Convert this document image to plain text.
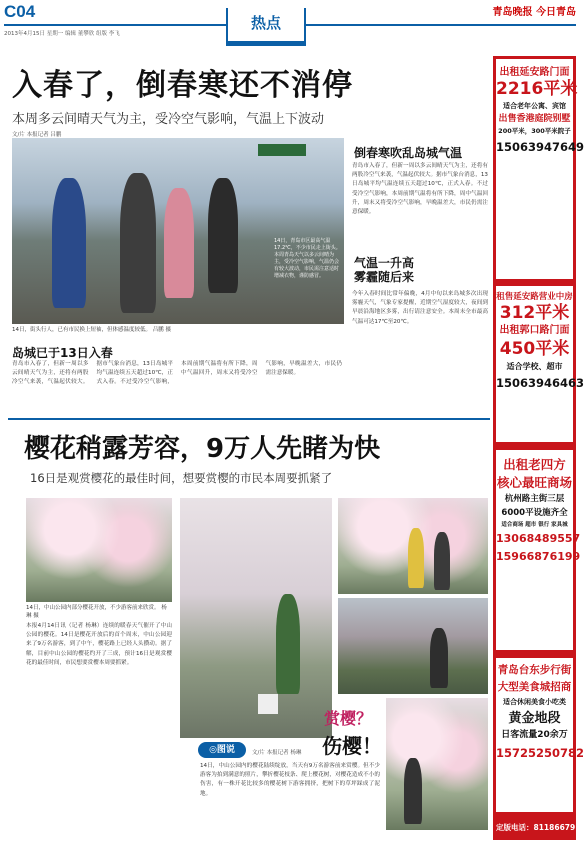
C04
2013年4月15日 星期一 编辑 董攀欣 组版 李飞
热点
青岛晚报 今日青岛
入春了，倒春寒还不消停
本周多云间晴天气为主，受冷空气影响，气温上下波动
文/片 本报记者 吕鹏
14日，青岛市区最高气温17.2℃，不少市民走上街头。本周青岛天气以多云间晴为主，受冷空气影响，气温仍会有较大波动，市民需注意适时增减衣物，谨防感冒。
14日，街头行人，已有市民换上短袖，但体感温度较低。 吕鹏 摄
倒春寒吹乱岛城气温
青岛市入春了，但新一周以多云间晴天气为主，还将有两股冷空气来袭，气温起伏较大。据市气象台消息，13日岛城平均气温连续五天超过10℃，正式入春。不过受冷空气影响，本周前期气温将有所下降，周中气温回升，周末又将受冷空气影响，早晚温差大，市民仍需注意保暖。
气温一升高
雾霾随后来
今年入春时间比常年偏晚，4月中旬以来岛城多次出现雾霾天气，气象专家提醒，近期空气湿度较大，夜间到早晨沿海地区多雾，出行请注意安全。本周末全市最高气温可达17℃至20℃。
岛城已于13日入春
青岛市入春了，但新一周以多云间晴天气为主，还将有两股冷空气来袭，气温起伏较大。据市气象台消息，13日岛城平均气温连续五天超过10℃，正式入春。不过受冷空气影响，本周前期气温将有所下降，周中气温回升，周末又将受冷空气影响，早晚温差大，市民仍需注意保暖。
樱花稍露芳容，9万人先睹为快
16日是观赏樱花的最佳时间，想要赏樱的市民本周要抓紧了
14日，中山公园内部分樱花开放，不少游客前来欣赏。 杨琳 摄
本报4月14日讯（记者 杨琳）连续的暖春天气催开了中山公园的樱花。14日是樱花开放后的首个周末，中山公园迎来了9万名游客，到了中午，樱花路上已经人头攒动。据了解，目前中山公园的樱花约开了三成，预计16日是观赏樱花的最佳时间，市民想要赏樱本周要抓紧。
赏樱？
伤樱！
◎图说	文/片 本报记者 杨琳
14日，中山公园内的樱花陆续绽放，当天有9万名游客前来赏樱。但不少游客为拍到满意的照片，攀折樱花枝条、爬上樱花树，对樱花造成不小的伤害，有一株开花比较多的樱花树下游客拥挤，把树下的草坪踩成了泥地。
出租延安路门面
2216平米
适合老年公寓、宾馆
出售香港庭院别墅
200平米，300平米院子
15063947649
租售延安路营业中房
312平米
出租郭口路门面
450平米
适合学校、超市
15063946463
出租老四方
核心最旺商场
杭州路主街三层
6000平设施齐全
适合商场 超市 银行 家具城
13068489557
15966876199
青岛台东步行街
大型美食城招商
适合休闲美食小吃类
黄金地段
日客流量20余万
15725250782
定版电话：81186679
